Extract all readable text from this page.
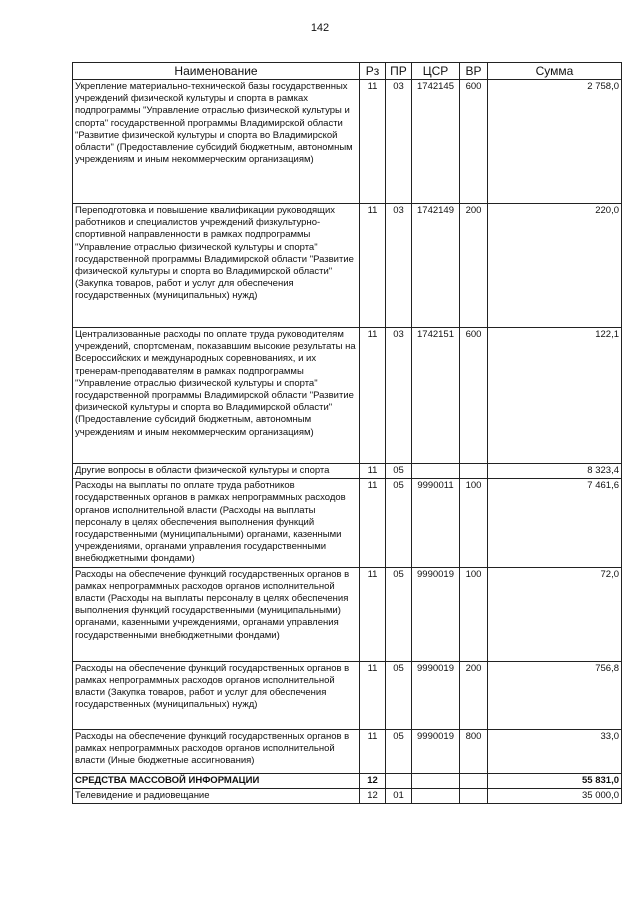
142
Наименование	Рз	ПР	ЦСР	ВР	Сумма
Укрепление материально-технической базы государственных учреждений физической культуры и спорта в рамках подпрограммы "Управление отраслью физической культуры и спорта" государственной программы Владимирской области "Развитие физической культуры и спорта во Владимирской области" (Предоставление субсидий бюджетным, автономным учреждениям и иным некоммерческим организациям)	11	03	1742145	600	2 758,0
Переподготовка и повышение квалификации руководящих работников и специалистов учреждений физкультурно-спортивной направленности в рамках подпрограммы "Управление отраслью физической культуры и спорта" государственной программы Владимирской области "Развитие физической культуры и спорта во Владимирской области" (Закупка товаров, работ и услуг для обеспечения государственных (муниципальных) нужд)	11	03	1742149	200	220,0
Централизованные расходы по оплате труда руководителям учреждений, спортсменам, показавшим высокие результаты на Всероссийских и международных соревнованиях, и их тренерам-преподавателям в рамках подпрограммы "Управление отраслью физической культуры и спорта" государственной программы Владимирской области "Развитие физической культуры и спорта во Владимирской области" (Предоставление субсидий бюджетным, автономным учреждениям и иным некоммерческим организациям)	11	03	1742151	600	122,1
Другие вопросы в области физической культуры и спорта	11	05			8 323,4
Расходы на выплаты по оплате труда работников государственных органов в рамках непрограммных расходов органов исполнительной власти (Расходы на выплаты персоналу в целях обеспечения выполнения функций государственными (муниципальными) органами, казенными учреждениями, органами управления государственными внебюджетными фондами)	11	05	9990011	100	7 461,6
Расходы на обеспечение функций государственных органов в рамках непрограммных расходов органов исполнительной власти (Расходы на выплаты персоналу в целях обеспечения выполнения функций государственными (муниципальными) органами, казенными учреждениями, органами управления государственными внебюджетными фондами)	11	05	9990019	100	72,0
Расходы на обеспечение функций государственных органов в рамках непрограммных расходов органов исполнительной власти (Закупка товаров, работ и услуг для обеспечения государственных (муниципальных) нужд)	11	05	9990019	200	756,8
Расходы на обеспечение функций государственных органов в рамках непрограммных расходов органов исполнительной власти (Иные бюджетные ассигнования)	11	05	9990019	800	33,0
СРЕДСТВА МАССОВОЙ ИНФОРМАЦИИ	12				55 831,0
Телевидение и радиовещание	12	01			35 000,0
